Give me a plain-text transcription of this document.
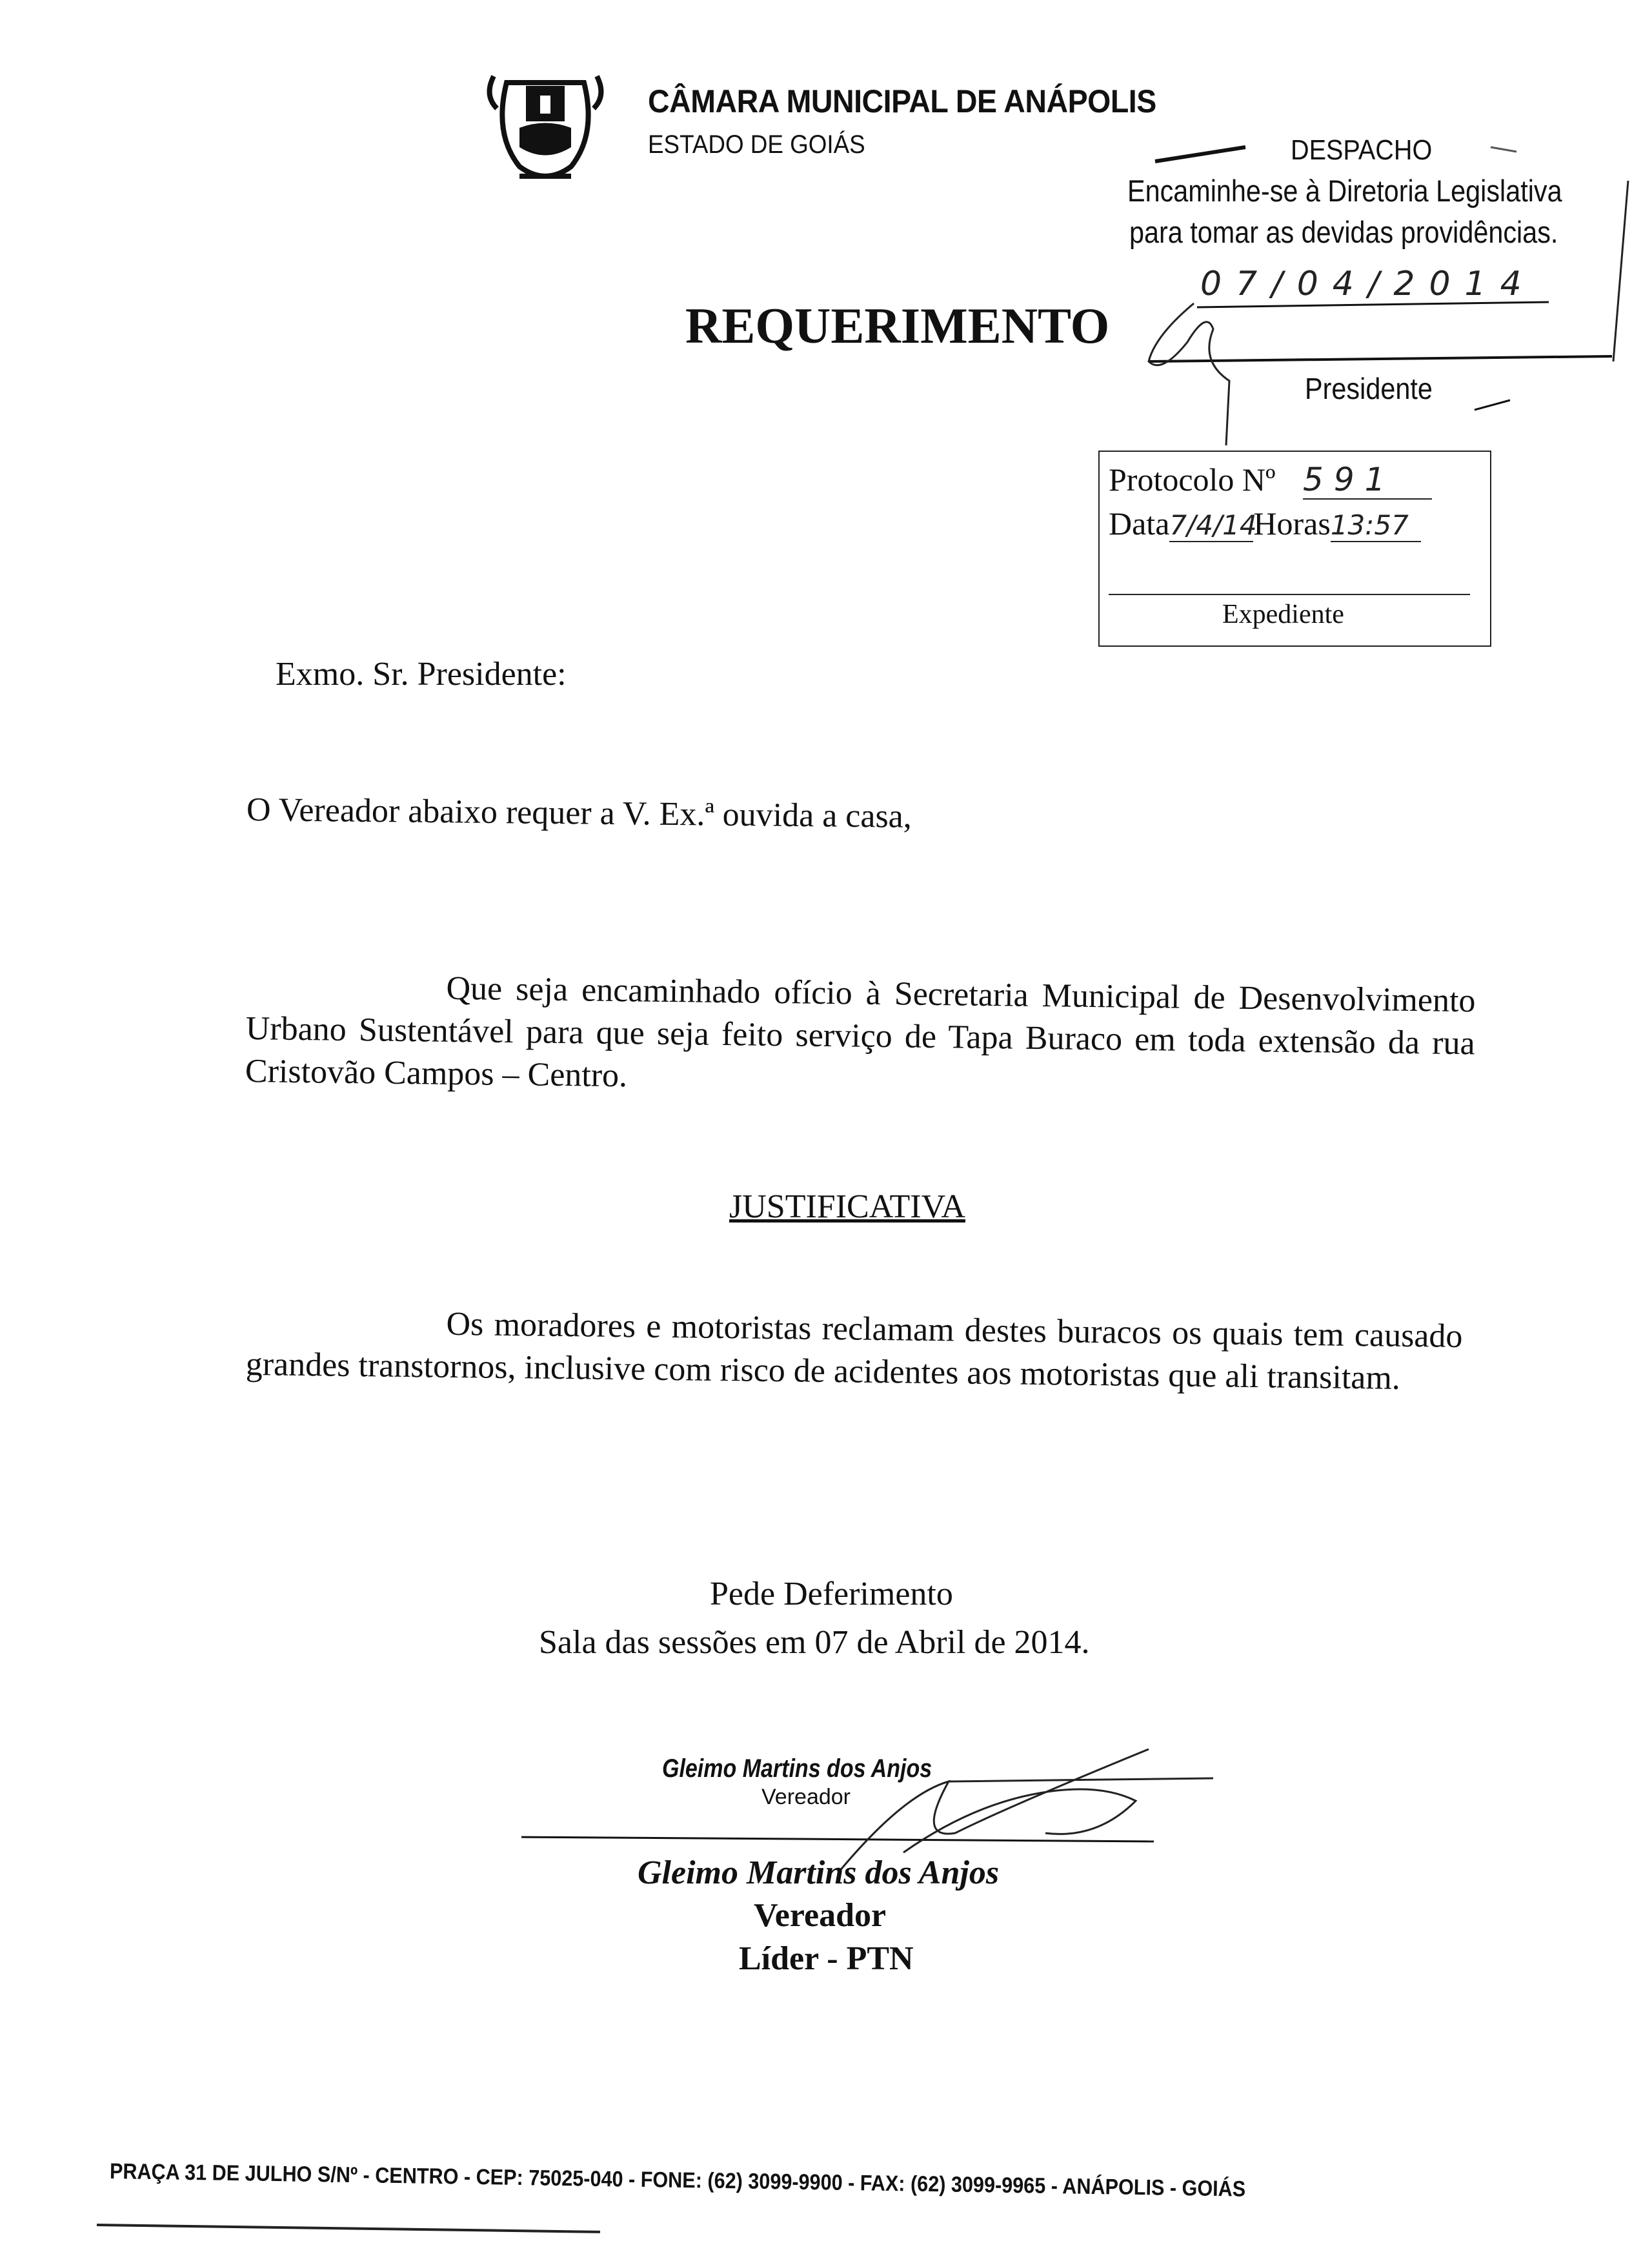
CÂMARA MUNICIPAL DE ANÁPOLIS
ESTADO DE GOIÁS	DESPACHO
Encaminhe-se à Diretoria Legislativa
para tomar as devidas providências.
07/04/2014
Presidente
REQUERIMENTO
Protocolo Nº 591
Data7/4/14Horas13:57
Expediente
Exmo. Sr. Presidente:
O Vereador abaixo requer a V. Ex.ª ouvida a casa,
Que seja encaminhado ofício à Secretaria Municipal de Desenvolvimento Urbano Sustentável para que seja feito serviço de Tapa Buraco em toda extensão da rua Cristovão Campos – Centro.
JUSTIFICATIVA
Os moradores e motoristas reclamam destes buracos os quais tem causado grandes transtornos, inclusive com risco de acidentes aos motoristas que ali transitam.
Pede Deferimento
Sala das sessões em 07 de Abril de 2014.
Gleimo Martins dos Anjos
Vereador
Gleimo Martins dos Anjos
Vereador
Líder - PTN
PRAÇA 31 DE JULHO S/Nº - CENTRO - CEP: 75025-040 - FONE: (62) 3099-9900 - FAX: (62) 3099-9965 - ANÁPOLIS - GOIÁS
